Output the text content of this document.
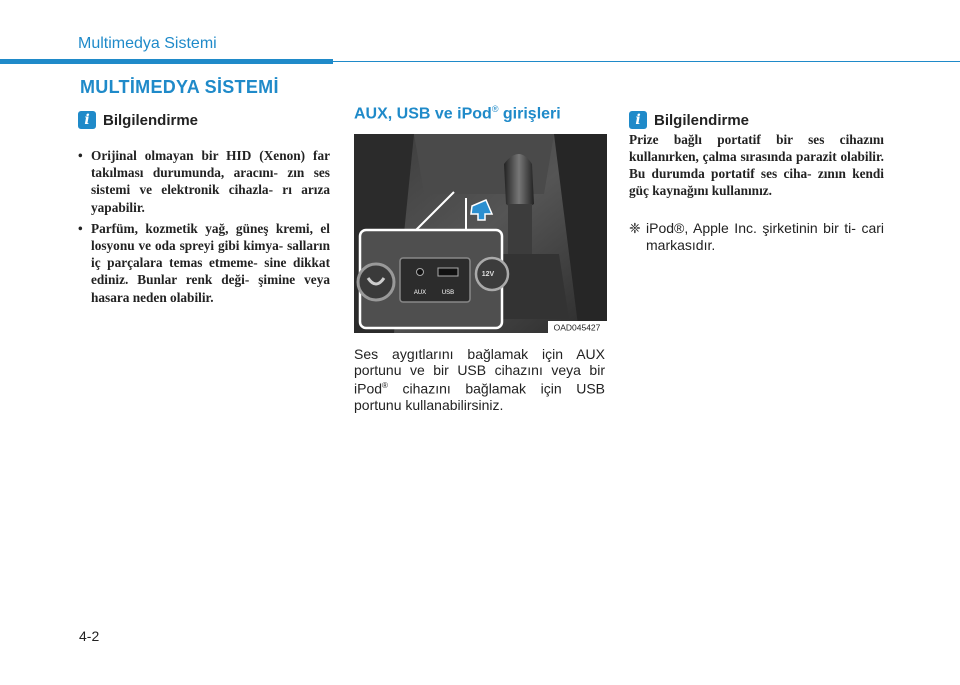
Multimedya Sistemi
MULTİMEDYA SİSTEMİ
i Bilgilendirme
• Orijinal olmayan bir HID (Xenon) far takılması durumunda, aracını- zın ses sistemi ve elektronik cihazla- rı arıza yapabilir.
• Parfüm, kozmetik yağ, güneş kremi, el losyonu ve oda spreyi gibi kimya- salların iç parçalara temas etmeme- sine dikkat ediniz. Bunlar renk deği- şimine veya hasara neden olabilir.
AUX, USB ve iPod® girişleri
AUX	USB
12V
OAD045427
Ses aygıtlarını bağlamak için AUX portunu ve bir USB cihazını veya bir iPod® cihazını bağlamak için USB portunu kullanabilirsiniz.
i Bilgilendirme
Prize bağlı portatif bir ses cihazını kullanırken, çalma sırasında parazit olabilir. Bu durumda portatif ses ciha- zının kendi güç kaynağını kullanınız.
❈ iPod®, Apple Inc. şirketinin bir ti- cari markasıdır.
4-2
